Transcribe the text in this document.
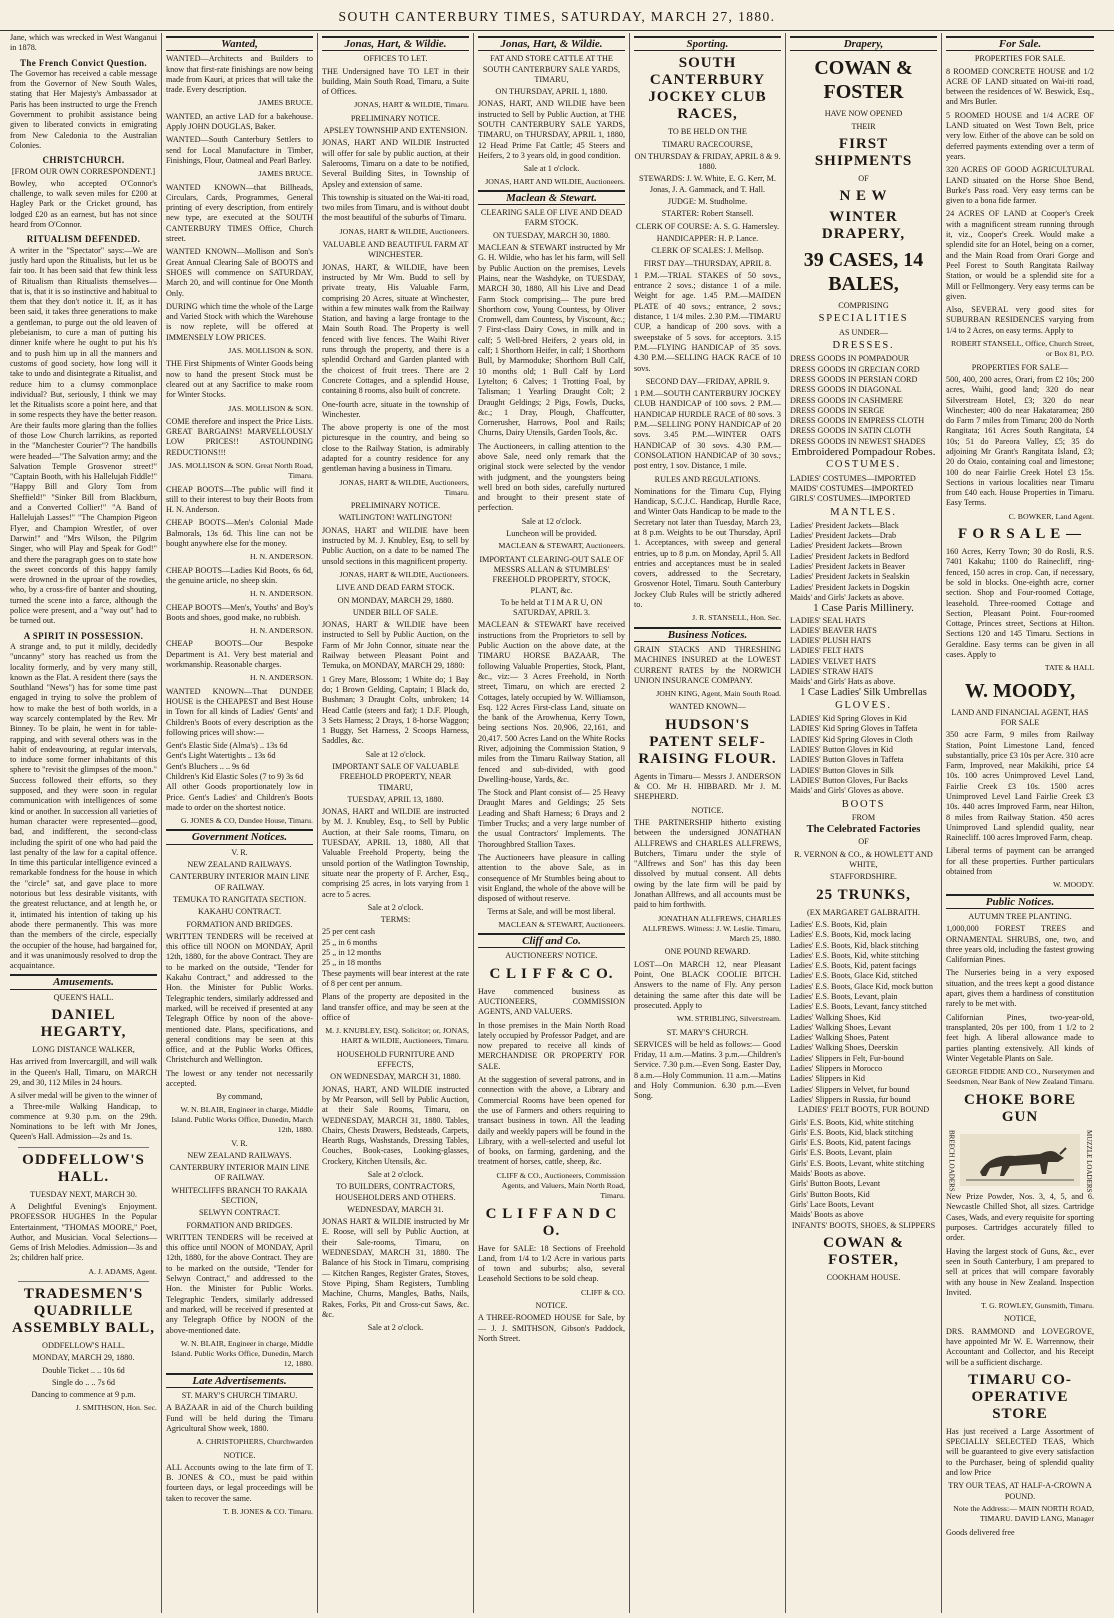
SOUTH CANTERBURY TIMES, SATURDAY, MARCH 27, 1880.

Jane, which was wrecked in West Wanganui in 1878.

The French Convict Question.

The Governor has received a cable message from the Governor of New South Wales, stating that Her Majesty's Ambassador at Paris has been instructed to urge the French Government to prohibit assistance being given to liberated convicts in emigrating from New Caledonia to the Australian Colonies.

CHRISTCHURCH.
[FROM OUR OWN CORRESPONDENT.]

Bowley, who accepted O'Connor's challenge, to walk seven miles for £200 at Hagley Park or the Cricket ground, has lodged £20 as an earnest, but has not since heard from O'Connor.

RITUALISM DEFENDED.

A writer in the "Spectator" says:—We are justly hard upon the Ritualists, but let us be fair too. It has been said that few think less of Ritualism than Ritualists themselves—that is, that it is so instinctive and habitual to them that they don't notice it. If, as it has been said, it takes three generations to make a gentleman, to purge out the old leaven of plebeianism, to cure a man of putting his dinner knife where he ought to put his h's and to push him up in all the manners and customs of good society, how long will it take to undo and disintegrate a Ritualist, and reduce him to a clumsy commonplace individual? But, seriously, I think we may let the Ritualists score a point here, and that in some respects they have the better reason. Are their faults more glaring than the follies of those Low Church larrikins, as reported in the "Manchester Courier"? The handbills were headed—"The Salvation army; and the Salvation Temple Grosvenor street!" "Captain Booth, with his Hallelujah Fiddle!" "Happy Bill and Glory Tom from Sheffield!" "Sinker Bill from Blackburn, and a Converted Collier!" "A Band of Hallelujah Lasses!" "The Champion Pigeon Flyer, and Champion Wrestler, of over Darwin!" and "Mrs Wilson, the Pilgrim Singer, who will Play and Speak for God!" and there the paragraph goes on to state how the sweet concords of this happy family were drowned in the uproar of the rowdies, who, by a cross-fire of banter and shouting, turned the scene into a farce, although the police were present, and a "way out" had to be turned out.

A SPIRIT IN POSSESSION.

A strange and, to put it mildly, decidedly "uncanny" story has reached us from the locality formerly, and by very many still, known as the Flat. A resident there (says the Southland "News") has for some time past engaged in trying to solve the problem of how to make the best of both worlds, in a way scarcely contemplated by the Rev. Mr Binney. To be plain, he went in for table-rapping, and with several others was in the habit of endeavouring, at regular intervals, to induce some former inhabitants of this sphere to "revisit the glimpses of the moon." Success followed their efforts, so they supposed, and they were soon in regular communication with intelligences of some kind or another. In succession all varieties of human character were represented—good, bad, and indifferent, the second-class including the spirit of one who had paid the last penalty of the law for a capital offence. In time this particular intelligence evinced a remarkable fondness for the house in which the "circle" sat, and gave place to more notorious but less desirable visitants, with the greatest reluctance, and at length he, or it, intimated his intention of taking up his abode there permanently. This was more than the members of the circle, especially the occupier of the house, had bargained for, and it was unanimously resolved to drop the acquaintance.

Amusements.
QUEEN'S HALL.
DANIEL HEGARTY,
LONG DISTANCE WALKER,

Has arrived from Invercargill, and will walk in the Queen's Hall, Timaru, on MARCH 29, and 30, 112 Miles in 24 hours.

A silver medal will be given to the winner of a Three-mile Walking Handicap, to commence at 9.30 p.m. on the 29th. Nominations to be left with Mr Jones, Queen's Hall. Admission—2s and 1s.

ODDFELLOW'S HALL.
TUESDAY NEXT, MARCH 30.

A Delightful Evening's Enjoyment. PROFESSOR HUGHES In the Popular Entertainment, "THOMAS MOORE," Poet, Author, and Musician. Vocal Selections—Gems of Irish Melodies. Admission—3s and 2s; children half price.

A. J. ADAMS, Agent.
TRADESMEN'S QUADRILLE ASSEMBLY BALL,
ODDFELLOW'S HALL.
MONDAY, MARCH 29, 1880.
Double Ticket .. .. 10s 6d
Single do .. .. 7s 6d
Dancing to commence at 9 p.m.
J. SMITHSON, Hon. Sec.
Wanted,

WANTED—Architects and Builders to know that first-rate finishings are now being made from Kauri, at prices that will take the trade. Every description.

JAMES BRUCE.

WANTED, an active LAD for a bakehouse. Apply JOHN DOUGLAS, Baker.

WANTED—South Canterbury Settlers to send for Local Manufacture in Timber, Finishings, Flour, Oatmeal and Pearl Barley.

JAMES BRUCE.

WANTED KNOWN—that Billheads, Circulars, Cards, Programmes, General printing of every description, from entirely new type, are executed at the SOUTH CANTERBURY TIMES Office, Church street.

WANTED KNOWN—Mollison and Son's Great Annual Clearing Sale of BOOTS and SHOES will commence on SATURDAY, March 20, and will continue for One Month Only.

DURING which time the whole of the Large and Varied Stock with which the Warehouse is now replete, will be offered at IMMENSELY LOW PRICES.

JAS. MOLLISON & SON.

THE First Shipments of Winter Goods being now to hand the present Stock must be cleared out at any Sacrifice to make room for Winter Stocks.

JAS. MOLLISON & SON.

COME therefore and inspect the Price Lists. GREAT BARGAINS! MARVELLOUSLY LOW PRICES!! ASTOUNDING REDUCTIONS!!!

JAS. MOLLISON & SON. Great North Road, Timaru.

CHEAP BOOTS—The public will find it still to their interest to buy their Boots from H. N. Anderson.

CHEAP BOOTS—Men's Colonial Made Balmorals, 13s 6d. This line can not be bought anywhere else for the money.

H. N. ANDERSON.

CHEAP BOOTS—Ladies Kid Boots, 6s 6d, the genuine article, no sheep skin.

H. N. ANDERSON.

CHEAP BOOTS—Men's, Youths' and Boy's Boots and shoes, good make, no rubbish.

H. N. ANDERSON.

CHEAP BOOTS—Our Bespoke Department is A1. Very best material and workmanship. Reasonable charges.

H. N. ANDERSON.

WANTED KNOWN—That DUNDEE HOUSE is the CHEAPEST and Best House in Town for all kinds of Ladies' Gents' and Children's Boots of every description as the following prices will show:—

Gent's Elastic Side (Alma's) .. 13s 6d
Gent's Light Watertights .. 13s 6d
Gent's Bluchers .. .. 9s 6d
Children's Kid Elastic Soles (7 to 9) 3s 6d

All other Goods proportionately low in Price. Gent's Ladies' and Children's Boots made to order on the shortest notice.

G. JONES & CO, Dundee House, Timaru.
Government Notices.
V. R.
NEW ZEALAND RAILWAYS.
CANTERBURY INTERIOR MAIN LINE OF RAILWAY.
TEMUKA TO RANGITATA SECTION.
KAKAHU CONTRACT.
FORMATION AND BRIDGES.

WRITTEN TENDERS will be received at this office till NOON on MONDAY, April 12th, 1880, for the above Contract. They are to be marked on the outside, "Tender for Kakahu Contract," and addressed to the Hon. the Minister for Public Works. Telegraphic tenders, similarly addressed and marked, will be received if presented at any Telegraph Office by noon of the above-mentioned date. Plans, specifications, and general conditions may be seen at this office, and at the Public Works Offices, Christchurch and Wellington.

The lowest or any tender not necessarily accepted.

By command,
W. N. BLAIR, Engineer in charge, Middle Island. Public Works Office, Dunedin, March 12th, 1880.
V. R.
NEW ZEALAND RAILWAYS.
CANTERBURY INTERIOR MAIN LINE OF RAILWAY.
WHITECLIFFS BRANCH TO RAKAIA SECTION,
SELWYN CONTRACT.
FORMATION AND BRIDGES.

WRITTEN TENDERS will be received at this office until NOON of MONDAY, April 12th, 1880, for the above Contract. They are to be marked on the outside, "Tender for Selwyn Contract," and addressed to the Hon. the Minister for Public Works. Telegraphic Tenders, similarly addressed and marked, will be received if presented at any Telegraph Office by NOON of the above-mentioned date.

W. N. BLAIR, Engineer in charge, Middle Island. Public Works Office, Dunedin, March 12, 1880.
Late Advertisements.
ST. MARY'S CHURCH TIMARU.

A BAZAAR in aid of the Church building Fund will be held during the Timaru Agricultural Show week, 1880.

A. CHRISTOPHERS, Churchwarden
NOTICE.

ALL Accounts owing to the late firm of T. B. JONES & CO., must be paid within fourteen days, or legal proceedings will be taken to recover the same.

T. B. JONES & CO. Timaru.
Jonas, Hart, & Wildie.
OFFICES TO LET.

THE Undersigned have TO LET in their building, Main South Road, Timaru, a Suite of Offices.

JONAS, HART & WILDIE, Timaru.
PRELIMINARY NOTICE.
APSLEY TOWNSHIP AND EXTENSION.

JONAS, HART AND WILDIE Instructed will offer for sale by public auction, at their Salerooms, Timaru on a date to be notified, Several Building Sites, in Township of Apsley and extension of same.

This township is situated on the Wai-iti road, two miles from Timaru, and is without doubt the most beautiful of the suburbs of Timaru.

JONAS, HART & WILDIE, Auctioneers.
VALUABLE AND BEAUTIFUL FARM AT WINCHESTER.

JONAS, HART, & WILDIE, have been instructed by Mr Wm. Budd to sell by private treaty, His Valuable Farm, comprising 20 Acres, situate at Winchester, within a few minutes walk from the Railway Station, and having a large frontage to the Main South Road. The Property is well fenced with live fences. The Waihi River runs through the property, and there is a splendid Orchard and Garden planted with the choicest of fruit trees. There are 2 Concrete Cottages, and a splendid House, containing 8 rooms, also built of concrete.

One-fourth acre, situate in the township of Winchester.

The above property is one of the most picturesque in the country, and being so close to the Railway Station, is admirably adapted for a country residence for any gentleman having a business in Timaru.

JONAS, HART & WILDIE, Auctioneers, Timaru.
PRELIMINARY NOTICE.
WATLINGTON! WATLINGTON!

JONAS, HART and WILDIE have been instructed by M. J. Knubley, Esq, to sell by Public Auction, on a date to be named The unsold sections in this magnificent property.

JONAS, HART & WILDIE, Auctioneers.
LIVE AND DEAD FARM STOCK.
ON MONDAY, MARCH 29, 1880.
UNDER BILL OF SALE.

JONAS, HART & WILDIE have been instructed to Sell by Public Auction, on the Farm of Mr John Connor, situate near the Railway between Pleasant Point and Temuka, on MONDAY, MARCH 29, 1880:

1 Grey Mare, Blossom; 1 White do; 1 Bay do; 1 Brown Gelding, Captain; 1 Black do, Bushman; 3 Draught Colts, unbroken; 14 Head Cattle (steers and fat); 1 D.F. Plough, 3 Sets Harness; 2 Drays, 1 8-horse Waggon; 1 Buggy, Set Harness, 2 Scoops Harness, Saddles, &c.

Sale at 12 o'clock.
IMPORTANT SALE OF VALUABLE FREEHOLD PROPERTY, NEAR TIMARU,
TUESDAY, APRIL 13, 1880.

JONAS, HART and WILDIE are instructed by M. J. Knubley, Esq., to Sell by Public Auction, at their Sale rooms, Timaru, on TUESDAY, APRIL 13, 1880, All that Valuable Freehold Property, being the unsold portion of the Watlington Township, situate near the property of F. Archer, Esq., comprising 25 acres, in lots varying from 1 acre to 5 acres.

Sale at 2 o'clock.
TERMS:
25 per cent cash
25 ,, in 6 months
25 ,, in 12 months
25 ,, in 18 months

These payments will bear interest at the rate of 8 per cent per annum.

Plans of the property are deposited in the land transfer office, and may be seen at the office of

M. J. KNUBLEY, ESQ. Solicitor; or, JONAS, HART & WILDIE, Auctioneers, Timaru.
HOUSEHOLD FURNITURE AND EFFECTS,
ON WEDNESDAY, MARCH 31, 1880.

JONAS, HART, AND WILDIE instructed by Mr Pearson, will Sell by Public Auction, at their Sale Rooms, Timaru, on WEDNESDAY, MARCH 31, 1880. Tables, Chairs, Chests Drawers, Bedsteads, Carpets, Hearth Rugs, Washstands, Dressing Tables, Couches, Book-cases, Looking-glasses, Crockery, Kitchen Utensils, &c.

Sale at 2 o'clock.
TO BUILDERS, CONTRACTORS, HOUSEHOLDERS AND OTHERS.
WEDNESDAY, MARCH 31.

JONAS HART & WILDIE instructed by Mr E. Roose, will sell by Public Auction, at their Sale-rooms, Timaru, on WEDNESDAY, MARCH 31, 1880. The Balance of his Stock in Timaru, comprising— Kitchen Ranges, Register Grates, Stoves, Stove Piping, Sham Registers, Tumbling Machine, Churns, Mangles, Baths, Nails, Rakes, Forks, Pit and Cross-cut Saws, &c. &c.

Sale at 2 o'clock.
Jonas, Hart, & Wildie.
FAT AND STORE CATTLE AT THE SOUTH CANTERBURY SALE YARDS, TIMARU,
ON THURSDAY, APRIL 1, 1880.

JONAS, HART, AND WILDIE have been instructed to Sell by Public Auction, at THE SOUTH CANTERBURY SALE YARDS, TIMARU, on THURSDAY, APRIL 1, 1880, 12 Head Prime Fat Cattle; 45 Steers and Heifers, 2 to 3 years old, in good condition.

Sale at 1 o'clock.
JONAS, HART AND WILDIE, Auctioneers.
Maclean & Stewart.
CLEARING SALE OF LIVE AND DEAD FARM STOCK.
ON TUESDAY, MARCH 30, 1880.

MACLEAN & STEWART instructed by Mr G. H. Wildie, who has let his farm, will Sell by Public Auction on the premises, Levels Plains, near the Washdyke, on TUESDAY, MARCH 30, 1880, All his Live and Dead Farm Stock comprising— The pure bred Shorthorn cow, Young Countess, by Oliver Cromwell, dam Countess, by Viscount, &c.; 7 First-class Dairy Cows, in milk and in calf; 5 Well-bred Heifers, 2 years old, in calf; 1 Shorthorn Heifer, in calf; 1 Shorthorn Bull, by Marmoduke; Shorthorn Bull Calf, 10 months old; 1 Bull Calf by Lord Lytelton; 6 Calves; 1 Trotting Foal, by Talisman; 1 Yearling Draught Colt; 2 Draught Geldings; 2 Pigs, Fowls, Ducks, &c.; 1 Dray, Plough, Chaffcutter, Cornerusher, Harrows, Pool and Rails; Churns, Dairy Utensils, Garden Tools, &c.

The Auctioneers, in calling attention to the above Sale, need only remark that the original stock were selected by the vendor with judgment, and the youngsters being well bred on both sides, carefully nurtured and brought to their present state of perfection.

Sale at 12 o'clock.
Luncheon will be provided.
MACLEAN & STEWART, Auctioneers.
IMPORTANT CLEARING-OUT SALE OF MESSRS ALLAN & STUMBLES' FREEHOLD PROPERTY, STOCK, PLANT, &c.
To be held at T I M A R U, ON SATURDAY, APRIL 3.

MACLEAN & STEWART have received instructions from the Proprietors to sell by Public Auction on the above date, at the TIMARU HORSE BAZAAR, The following Valuable Properties, Stock, Plant, &c., viz:— 3 Acres Freehold, in North street, Timaru, on which are erected 2 Cottages, lately occupied by W. Williamson, Esq. 122 Acres First-class Land, situate on the bank of the Arowhenua, Kerry Town, being sections Nos. 20,906, 22,161, and 20,417. 500 Acres Land on the White Rocks River, adjoining the Commission Station, 9 miles from the Timaru Railway Station, all fenced and sub-divided, with good Dwelling-house, Yards, &c.

The Stock and Plant consist of— 25 Heavy Draught Mares and Geldings; 25 Sets Leading and Shaft Harness; 6 Drays and 2 Timber Trucks; and a very large number of the usual Contractors' Implements. The Thoroughbred Stallion Taxes.

The Auctioneers have pleasure in calling attention to the above Sale, as in consequence of Mr Stumbles being about to visit England, the whole of the above will be disposed of without reserve.

Terms at Sale, and will be most liberal.
MACLEAN & STEWART, Auctioneers.
Cliff and Co.
AUCTIONEERS' NOTICE.
C L I F F & C O.

Have commenced business as AUCTIONEERS, COMMISSION AGENTS, AND VALUERS.

In those premises in the Main North Road lately occupied by Professor Padget, and are now prepared to receive all kinds of MERCHANDISE OR PROPERTY FOR SALE.

At the suggestion of several patrons, and in connection with the above, a Library and Commercial Rooms have been opened for the use of Farmers and others requiring to transact business in town. All the leading daily and weekly papers will be found in the Library, with a well-selected and useful lot of books, on farming, gardening, and the treatment of horses, cattle, sheep, &c.

CLIFF & CO., Auctioneers, Commission Agents, and Valuers, Main North Road, Timaru.
C L I F F A N D C O.

Have for SALE: 18 Sections of Freehold Land, from 1/4 to 1/2 Acre in various parts of town and suburbs; also, several Leasehold Sections to be sold cheap.

CLIFF & CO.
NOTICE.

A THREE-ROOMED HOUSE for Sale, by— J. J. SMITHSON, Gibson's Paddock, North Street.

Sporting.
SOUTH CANTERBURY JOCKEY CLUB RACES,
TO BE HELD ON THE
TIMARU RACECOURSE,
ON THURSDAY & FRIDAY, APRIL 8 & 9. 1880.
STEWARDS: J. W. White, E. G. Kerr, M. Jonas, J. A. Gammack, and T. Hall.
JUDGE: M. Studholme.
STARTER: Robert Stansell.
CLERK OF COURSE: A. S. G. Hamersley.
HANDICAPPER: H. P. Lance.
CLERK OF SCALES: J. Mellsop.
FIRST DAY—THURSDAY, APRIL 8.

1 P.M.—TRIAL STAKES of 50 sovs., entrance 2 sovs.; distance 1 of a mile. Weight for age. 1.45 P.M.—MAIDEN PLATE of 40 sovs.; entrance, 2 sovs.; distance, 1 1/4 miles. 2.30 P.M.—TIMARU CUP, a handicap of 200 sovs. with a sweepstake of 5 sovs. for acceptors. 3.15 P.M.—FLYING HANDICAP of 35 sovs. 4.30 P.M.—SELLING HACK RACE of 10 sovs.

SECOND DAY—FRIDAY, APRIL 9.

1 P.M.—SOUTH CANTERBURY JOCKEY CLUB HANDICAP of 100 sovs. 2 P.M.—HANDICAP HURDLE RACE of 80 sovs. 3 P.M.—SELLING PONY HANDICAP of 20 sovs. 3.45 P.M.—WINTER OATS HANDICAP of 30 sovs. 4.30 P.M.—CONSOLATION HANDICAP of 30 sovs.; post entry, 1 sov. Distance, 1 mile.

RULES AND REGULATIONS.

Nominations for the Timaru Cup, Flying Handicap, S.C.J.C. Handicap, Hurdle Race, and Winter Oats Handicap to be made to the Secretary not later than Tuesday, March 23, at 8 p.m. Weights to be out Thursday, April 1. Acceptances, with sweep and general entries, up to 8 p.m. on Monday, April 5. All entries and acceptances must be in sealed covers, addressed to the Secretary, Grosvenor Hotel, Timaru. South Canterbury Jockey Club Rules will be strictly adhered to.

J. R. STANSELL, Hon. Sec.
Business Notices.

GRAIN STACKS AND THRESHING MACHINES INSURED at the LOWEST CURRENT RATES by the NORWICH UNION INSURANCE COMPANY.

JOHN KING, Agent, Main South Road.
WANTED KNOWN—
HUDSON'S PATENT SELF-RAISING FLOUR.

Agents in Timaru— Messrs J. ANDERSON & CO. Mr H. HIBBARD. Mr J. M. SHEPHERD.

NOTICE.

THE PARTNERSHIP hitherto existing between the undersigned JONATHAN ALLFREWS and CHARLES ALLFREWS, Butchers, Timaru under the style of "Allfrews and Son" has this day been dissolved by mutual consent. All debts owing by the late firm will be paid by Jonathan Allfrews, and all accounts must be paid to him forthwith.

JONATHAN ALLFREWS, CHARLES ALLFREWS. Witness: J. W. Leslie. Timaru, March 25, 1880.
ONE POUND REWARD.

LOST—On MARCH 12, near Pleasant Point, One BLACK COOLIE BITCH. Answers to the name of Fly. Any person detaining the same after this date will be prosecuted. Apply to

WM. STRIBLING, Silverstream.
ST. MARY'S CHURCH.

SERVICES will be held as follows:— Good Friday, 11 a.m.—Matins. 3 p.m.—Children's Service. 7.30 p.m.—Even Song. Easter Day, 8 a.m.—Holy Communion. 11 a.m.—Matins and Holy Communion. 6.30 p.m.—Even Song.

Drapery,
COWAN & FOSTER
HAVE NOW OPENED
THEIR
FIRST SHIPMENTS
OF
N E W
WINTER DRAPERY,
39 CASES, 14 BALES,
COMPRISING
SPECIALITIES
AS UNDER—
DRESSES.
DRESS GOODS IN POMPADOUR
DRESS GOODS IN GRECIAN CORD
DRESS GOODS IN PERSIAN CORD
DRESS GOODS IN DIAGONAL
DRESS GOODS IN CASHMERE
DRESS GOODS IN SERGE
DRESS GOODS IN EMPRESS CLOTH
DRESS GOODS IN SATIN CLOTH
DRESS GOODS IN NEWEST SHADES
Embroidered Pompadour Robes.
COSTUMES.
LADIES' COSTUMES—IMPORTED
MAIDS' COSTUMES—IMPORTED
GIRLS' COSTUMES—IMPORTED
MANTLES.
Ladies' President Jackets—Black
Ladies' President Jackets—Drab
Ladies' President Jackets—Brown
Ladies' President Jackets in Bedford
Ladies' President Jackets in Beaver
Ladies' President Jackets in Sealskin
Ladies' President Jackets in Dogskin
Maids' and Girls' Jackets as above.
1 Case Paris Millinery.
LADIES' SEAL HATS
LADIES' BEAVER HATS
LADIES' PLUSH HATS
LADIES' FELT HATS
LADIES' VELVET HATS
LADIES' STRAW HATS
Maids' and Girls' Hats as above.
1 Case Ladies' Silk Umbrellas
GLOVES.
LADIES' Kid Spring Gloves in Kid
LADIES' Kid Spring Gloves in Taffeta
LADIES' Kid Spring Gloves in Cloth
LADIES' Button Gloves in Kid
LADIES' Button Gloves in Taffeta
LADIES' Button Gloves in Silk
LADIES' Button Gloves, Fur Backs
Maids' and Girls' Gloves as above.
BOOTS
FROM
The Celebrated Factories
OF
R. VERNON & CO., & HOWLETT AND WHITE,
STAFFORDSHIRE.
25 TRUNKS,
(EX MARGARET GALBRAITH.
Ladies' E.S. Boots, Kid, plain
Ladies' E.S. Boots, Kid, mock lacing
Ladies' E.S. Boots, Kid, black stitching
Ladies' E.S. Boots, Kid, white stitching
Ladies' E.S. Boots, Kid, patent facings
Ladies' E.S. Boots, Glace Kid, stitched
Ladies' E.S. Boots, Glace Kid, mock button
Ladies' E.S. Boots, Levant, plain
Ladies' E.S. Boots, Levant, fancy stitched
Ladies' Walking Shoes, Kid
Ladies' Walking Shoes, Levant
Ladies' Walking Shoes, Patent
Ladies' Walking Shoes, Deerskin
Ladies' Slippers in Felt, Fur-bound
Ladies' Slippers in Morocco
Ladies' Slippers in Kid
Ladies' Slippers in Velvet, fur bound
Ladies' Slippers in Russia, fur bound
LADIES' FELT BOOTS, FUR BOUND
Girls' E.S. Boots, Kid, white stitching
Girls' E.S. Boots, Kid, black stitching
Girls' E.S. Boots, Kid, patent facings
Girls' E.S. Boots, Levant, plain
Girls' E.S. Boots, Levant, white stitching
Maids' Boots as above.
Girls' Button Boots, Levant
Girls' Button Boots, Kid
Girls' Lace Boots, Levant
Maids' Boots as above
INFANTS' BOOTS, SHOES, & SLIPPERS
COWAN & FOSTER,
COOKHAM HOUSE.
For Sale.
PROPERTIES FOR SALE.

8 ROOMED CONCRETE HOUSE and 1/2 ACRE OF LAND situated on Wai-iti road, between the residences of W. Beswick, Esq., and Mrs Butler.

5 ROOMED HOUSE and 1/4 ACRE OF LAND situated on West Town Belt, price very low. Either of the above can be sold on deferred payments extending over a term of years.

320 ACRES OF GOOD AGRICULTURAL LAND situated on the Horse Shoe Bend, Burke's Pass road. Very easy terms can be given to a bona fide farmer.

24 ACRES OF LAND at Cooper's Creek with a magnificent stream running through it, viz., Cooper's Creek. Would make a splendid site for an Hotel, being on a corner, and the Main Road from Orari Gorge and Peel Forest to South Rangitata Railway Station, or would be a splendid site for a Mill or Fellmongery. Very easy terms can be given.

Also, SEVERAL very good sites for SUBURBAN RESIDENCES varying from 1/4 to 2 Acres, on easy terms. Apply to

ROBERT STANSELL, Office, Church Street, or Box 81, P.O.
PROPERTIES FOR SALE—

500, 400, 200 acres, Orari, from £2 10s; 200 acres, Waihi, good land; 320 do near Silverstream Hotel, £3; 320 do near Winchester; 400 do near Hakataramea; 280 do Farm 7 miles from Timaru; 200 do North Rangitata; 161 Acres South Rangitata, £4 10s; 51 do Pareora Valley, £5; 35 do adjoining Mr Grant's Rangitata Island, £3; 20 do Otaio, containing coal and limestone; 100 do near Fairlie Creek Hotel £3 15s. Sections in various localities near Timaru from £40 each. House Properties in Timaru. Easy Terms.

C. BOWKER, Land Agent.
F O R S A L E —

160 Acres, Kerry Town; 30 do Rosli, R.S. 7401 Kakahu; 1100 do Rainecliff, ring-fenced, 150 acres in crop. Can, if necessary, be sold in blocks. One-eighth acre, corner section. Shop and Four-roomed Cottage, leasehold. Three-roomed Cottage and Section, Pleasant Point. Four-roomed Cottage, Princes street, Sections at Hilton. Sections 120 and 145 Timaru. Sections in Geraldine. Easy terms can be given in all cases. Apply to

TATE & HALL
W. MOODY,
LAND AND FINANCIAL AGENT, HAS FOR SALE

350 acre Farm, 9 miles from Railway Station, Point Limestone Land, fenced substantially, price £3 10s per Acre. 310 acre Farm, Improved, near Makikihi, price £4 10s. 100 acres Unimproved Level Land, Fairlie Creek £3 10s. 1500 acres Unimproved Level Land Fairlie Creek £3 10s. 440 acres Improved Farm, near Hilton, 8 miles from Railway Station. 450 acres Unimproved Land splendid quality, near Rainecliff. 100 acres Improved Farm, cheap.

Liberal terms of payment can be arranged for all these properties. Further particulars obtained from

W. MOODY.
Public Notices.
AUTUMN TREE PLANTING.

1,000,000 FOREST TREES and ORNAMENTAL SHRUBS, one, two, and three years old, including the fastest growing Californian Pines.

The Nurseries being in a very exposed situation, and the trees kept a good distance apart, gives them a hardiness of constitution rarely to be met with.

Californian Pines, two-year-old, transplanted, 20s per 100, from 1 1/2 to 2 feet high. A liberal allowance made to parties planting extensively. All kinds of Winter Vegetable Plants on Sale.

GEORGE FIDDIE AND CO., Nurserymen and Seedsmen, Near Bank of New Zealand Timaru.
CHOKE BORE GUN
BREECH LOADERS	MUZZLE LOADERS

New Prize Powder, Nos. 3, 4, 5, and 6. Newcastle Chilled Shot, all sizes. Cartridge Cases, Wads, and every requisite for sporting purposes. Cartridges accurately filled to order.

Having the largest stock of Guns, &c., ever seen in South Canterbury, I am prepared to sell at prices that will compare favorably with any house in New Zealand. Inspection Invited.

T. G. ROWLEY, Gunsmith, Timaru.
NOTICE,

DRS. RAMMOND and LOVEGROVE, have appointed Mr W. E. Warrennow, their Accountant and Collector, and his Receipt will be a sufficient discharge.

TIMARU CO-OPERATIVE STORE

Has just received a Large Assortment of SPECIALLY SELECTED TEAS, Which will be guaranteed to give every satisfaction to the Purchaser, being of splendid quality and low Price

TRY OUR TEAS, AT HALF-A-CROWN A POUND.
Note the Address:— MAIN NORTH ROAD, TIMARU. DAVID LANG, Manager
Goods delivered free
